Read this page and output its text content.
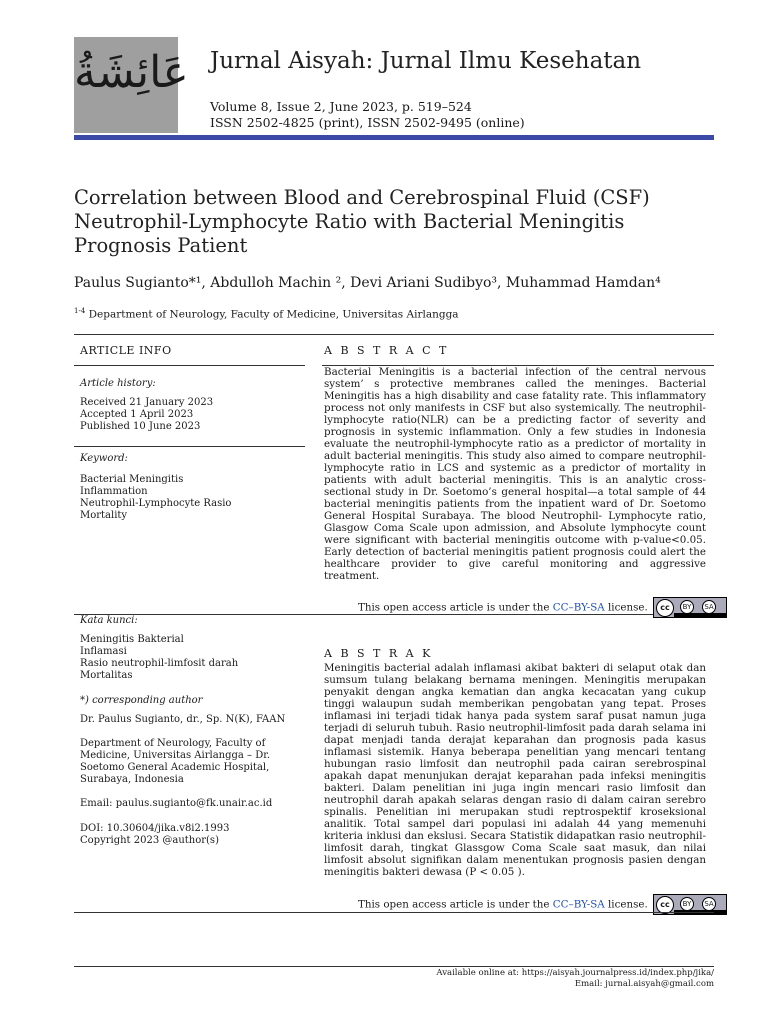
عَائِشَةُ Jurnal Aisyah: Jurnal Ilmu Kesehatan
Volume 8, Issue 2, June 2023, p. 519–524
ISSN 2502-4825 (print), ISSN 2502-9495 (online)
Correlation between Blood and Cerebrospinal Fluid (CSF) Neutrophil-Lymphocyte Ratio with Bacterial Meningitis Prognosis Patient
Paulus Sugianto*¹, Abdulloh Machin ², Devi Ariani Sudibyo³, Muhammad Hamdan⁴
$^{1-4}$ Department of Neurology, Faculty of Medicine, Universitas Airlangga
ARTICLE INFO
Article history:
Received 21 January 2023
Accepted 1 April 2023
Published 10 June 2023
Keyword:
Bacterial Meningitis
Inflammation
Neutrophil-Lymphocyte Rasio
Mortality
Kata kunci:
Meningitis Bakterial
Inflamasi
Rasio neutrophil-limfosit darah
Mortalitas
*) corresponding author
Dr. Paulus Sugianto, dr., Sp. N(K), FAAN
Department of Neurology, Faculty of
Medicine, Universitas Airlangga – Dr.
Soetomo General Academic Hospital,
Surabaya, Indonesia
Email: paulus.sugianto@fk.unair.ac.id
DOI: 10.30604/jika.v8i2.1993
Copyright 2023 @author(s)
A B S T R A C T
Bacterial Meningitis is a bacterial infection of the central nervous system’ s protective membranes called the meninges. Bacterial Meningitis has a high disability and case fatality rate. This inflammatory process not only manifests in CSF but also systemically. The neutrophil-lymphocyte ratio(NLR) can be a predicting factor of severity and prognosis in systemic inflammation. Only a few studies in Indonesia evaluate the neutrophil-lymphocyte ratio as a predictor of mortality in adult bacterial meningitis. This study also aimed to compare neutrophil-lymphocyte ratio in LCS and systemic as a predictor of mortality in patients with adult bacterial meningitis. This is an analytic cross-sectional study in Dr. Soetomo’s general hospital—a total sample of 44 bacterial meningitis patients from the inpatient ward of Dr. Soetomo General Hospital Surabaya. The blood Neutrophil- Lymphocyte ratio, Glasgow Coma Scale upon admission, and Absolute lymphocyte count were significant with bacterial meningitis outcome with p-value<0.05. Early detection of bacterial meningitis patient prognosis could alert the healthcare provider to give careful monitoring and aggressive treatment.
This open access article is under the CC–BY-SA license.	cc	BY	SA
A B S T R A K
Meningitis bacterial adalah inflamasi akibat bakteri di selaput otak dan sumsum tulang belakang bernama meningen. Meningitis merupakan penyakit dengan angka kematian dan angka kecacatan yang cukup tinggi walaupun sudah memberikan pengobatan yang tepat. Proses inflamasi ini terjadi tidak hanya pada system saraf pusat namun juga terjadi di seluruh tubuh. Rasio neutrophil-limfosit pada darah selama ini dapat menjadi tanda derajat keparahan dan prognosis pada kasus inflamasi sistemik. Hanya beberapa penelitian yang mencari tentang hubungan rasio limfosit dan neutrophil pada cairan serebrospinal apakah dapat menunjukan derajat keparahan pada infeksi meningitis bakteri. Dalam penelitian ini juga ingin mencari rasio limfosit dan neutrophil darah apakah selaras dengan rasio di dalam cairan serebro spinalis. Penelitian ini merupakan studi reptrospektif kroseksional analitik. Total sampel dari populasi ini adalah 44 yang memenuhi kriteria inklusi dan ekslusi. Secara Statistik didapatkan rasio neutrophil-limfosit darah, tingkat Glassgow Coma Scale saat masuk, dan nilai limfosit absolut signifikan dalam menentukan prognosis pasien dengan meningitis bakteri dewasa (P < 0.05 ).
This open access article is under the CC–BY-SA license.	cc	BY	SA
Available online at: https://aisyah.journalpress.id/index.php/jika/
Email: jurnal.aisyah@gmail.com
